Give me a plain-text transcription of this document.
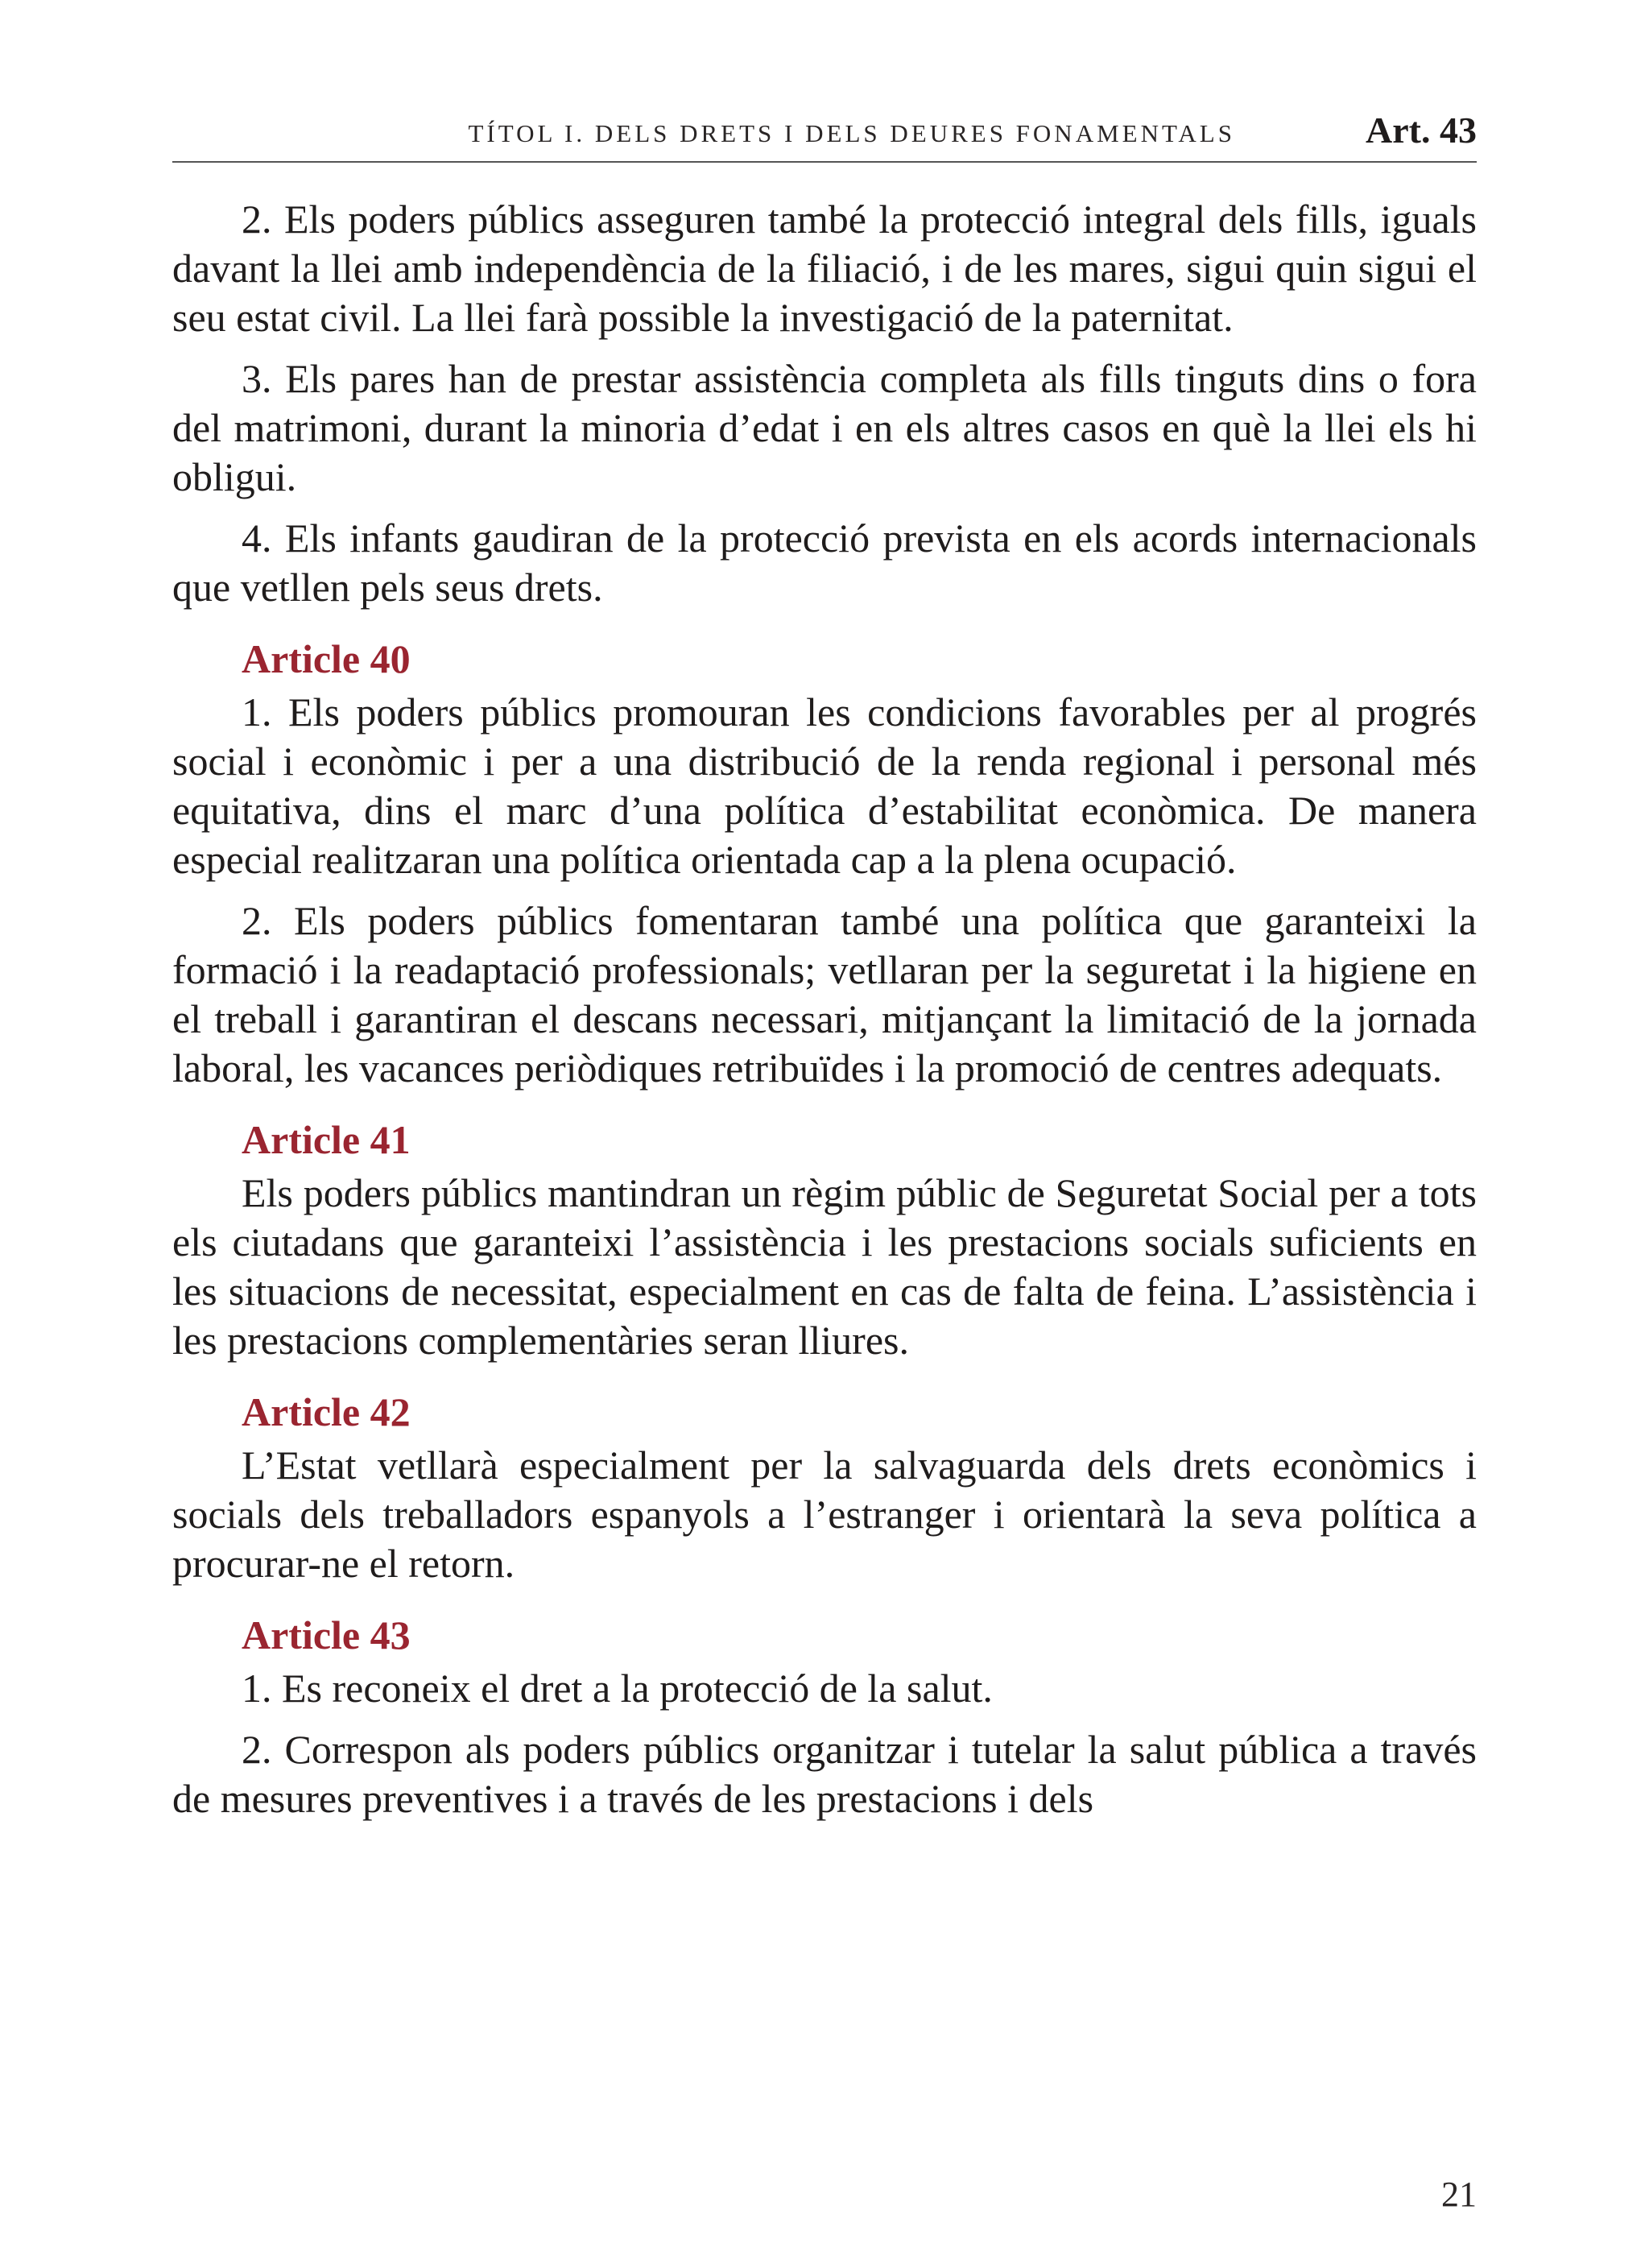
TÍTOL I. DELS DRETS I DELS DEURES FONAMENTALS	Art. 43

2. Els poders públics asseguren també la protecció integral dels fills, iguals davant la llei amb independència de la filiació, i de les mares, sigui quin sigui el seu estat civil. La llei farà possible la investigació de la paternitat.

3. Els pares han de prestar assistència completa als fills tinguts dins o fora del matrimoni, durant la minoria d’edat i en els altres casos en què la llei els hi obligui.

4. Els infants gaudiran de la protecció prevista en els acords internacionals que vetllen pels seus drets.

Article 40

1. Els poders públics promouran les condicions favorables per al progrés social i econòmic i per a una distribució de la renda regional i personal més equitativa, dins el marc d’una política d’estabilitat econòmica. De manera especial realitzaran una política orientada cap a la plena ocupació.

2. Els poders públics fomentaran també una política que garanteixi la formació i la readaptació professionals; vetllaran per la seguretat i la higiene en el treball i garantiran el descans necessari, mitjançant la limitació de la jornada laboral, les vacances periòdiques retribuïdes i la promoció de centres adequats.

Article 41

Els poders públics mantindran un règim públic de Seguretat Social per a tots els ciutadans que garanteixi l’assistència i les prestacions socials suficients en les situacions de necessitat, especialment en cas de falta de feina. L’assistència i les prestacions complementàries seran lliures.

Article 42

L’Estat vetllarà especialment per la salvaguarda dels drets econòmics i socials dels treballadors espanyols a l’estranger i orientarà la seva política a procurar-ne el retorn.

Article 43

1. Es reconeix el dret a la protecció de la salut.

2. Correspon als poders públics organitzar i tutelar la salut pública a través de mesures preventives i a través de les prestacions i dels

21
